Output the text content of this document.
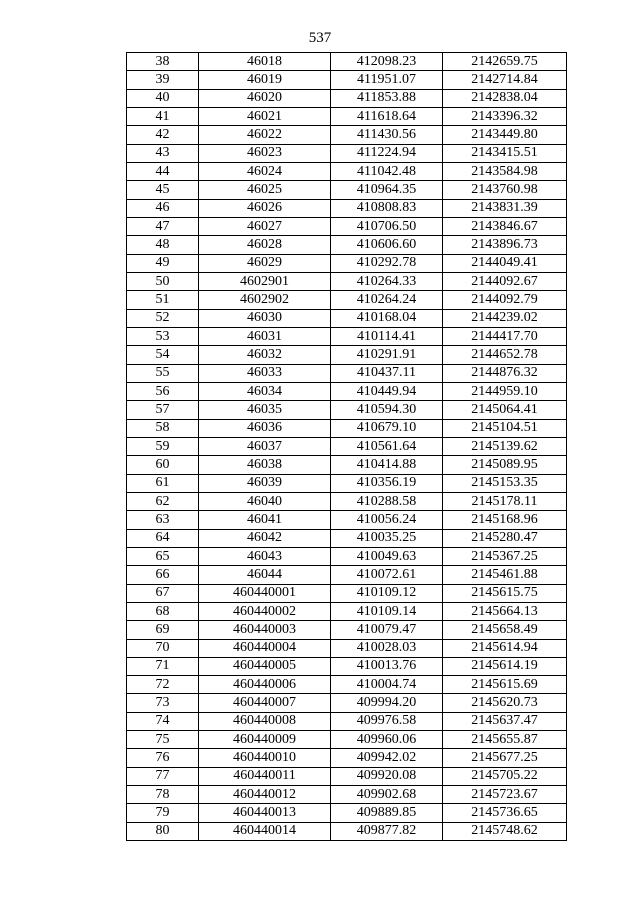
537
38	46018	412098.23	2142659.75
39	46019	411951.07	2142714.84
40	46020	411853.88	2142838.04
41	46021	411618.64	2143396.32
42	46022	411430.56	2143449.80
43	46023	411224.94	2143415.51
44	46024	411042.48	2143584.98
45	46025	410964.35	2143760.98
46	46026	410808.83	2143831.39
47	46027	410706.50	2143846.67
48	46028	410606.60	2143896.73
49	46029	410292.78	2144049.41
50	4602901	410264.33	2144092.67
51	4602902	410264.24	2144092.79
52	46030	410168.04	2144239.02
53	46031	410114.41	2144417.70
54	46032	410291.91	2144652.78
55	46033	410437.11	2144876.32
56	46034	410449.94	2144959.10
57	46035	410594.30	2145064.41
58	46036	410679.10	2145104.51
59	46037	410561.64	2145139.62
60	46038	410414.88	2145089.95
61	46039	410356.19	2145153.35
62	46040	410288.58	2145178.11
63	46041	410056.24	2145168.96
64	46042	410035.25	2145280.47
65	46043	410049.63	2145367.25
66	46044	410072.61	2145461.88
67	460440001	410109.12	2145615.75
68	460440002	410109.14	2145664.13
69	460440003	410079.47	2145658.49
70	460440004	410028.03	2145614.94
71	460440005	410013.76	2145614.19
72	460440006	410004.74	2145615.69
73	460440007	409994.20	2145620.73
74	460440008	409976.58	2145637.47
75	460440009	409960.06	2145655.87
76	460440010	409942.02	2145677.25
77	460440011	409920.08	2145705.22
78	460440012	409902.68	2145723.67
79	460440013	409889.85	2145736.65
80	460440014	409877.82	2145748.62
